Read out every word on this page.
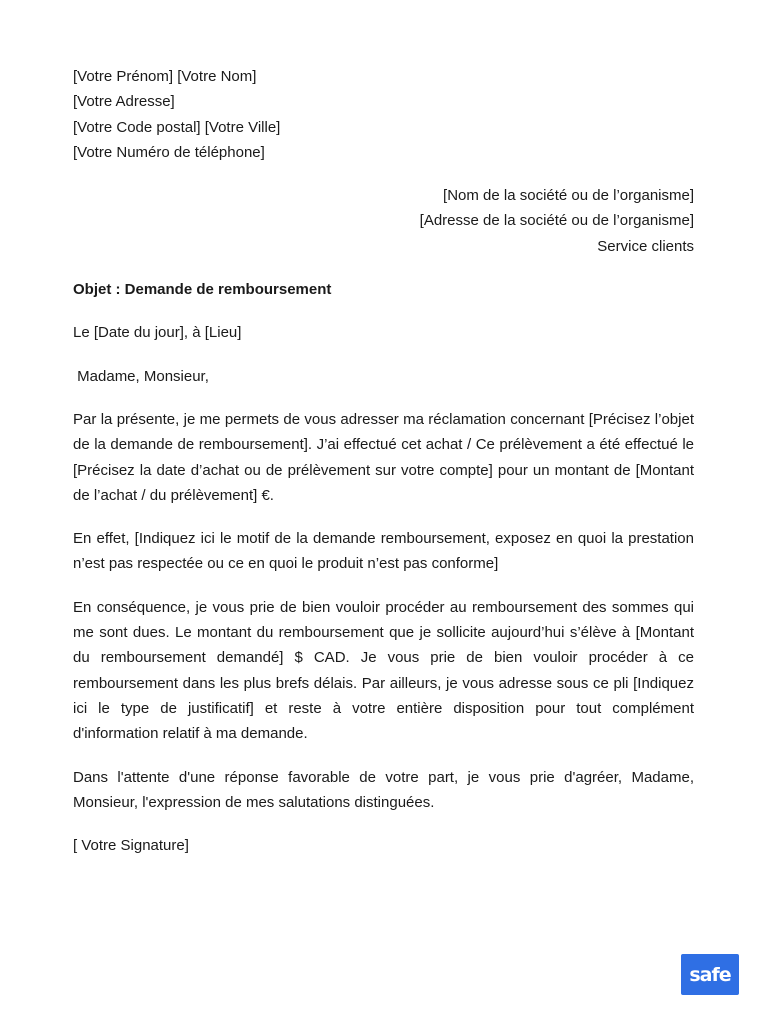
[Votre Prénom] [Votre Nom]

[Votre Adresse]

[Votre Code postal] [Votre Ville]

[Votre Numéro de téléphone]

[Nom de la société ou de l’organisme]

[Adresse de la société ou de l’organisme]

Service clients

Objet : Demande de remboursement

Le [Date du jour], à [Lieu]

Madame, Monsieur,

Par la présente, je me permets de vous adresser ma réclamation concernant [Précisez l’objet de la demande de remboursement]. J’ai effectué cet achat / Ce prélèvement a été effectué le [Précisez la date d’achat ou de prélèvement sur votre compte] pour un montant de [Montant de l’achat / du prélèvement] €.

En effet, [Indiquez ici le motif de la demande remboursement, exposez en quoi la prestation n’est pas respectée ou ce en quoi le produit n’est pas conforme]

En conséquence, je vous prie de bien vouloir procéder au remboursement des sommes qui me sont dues. Le montant du remboursement que je sollicite aujourd’hui s’élève à [Montant du remboursement demandé] $ CAD. Je vous prie de bien vouloir procéder à ce remboursement dans les plus brefs délais. Par ailleurs, je vous adresse sous ce pli [Indiquez ici le type de justificatif] et reste à votre entière disposition pour tout complément d'information relatif à ma demande.

Dans l'attente d'une réponse favorable de votre part, je vous prie d'agréer, Madame, Monsieur, l'expression de mes salutations distinguées.

[ Votre Signature]

safe
